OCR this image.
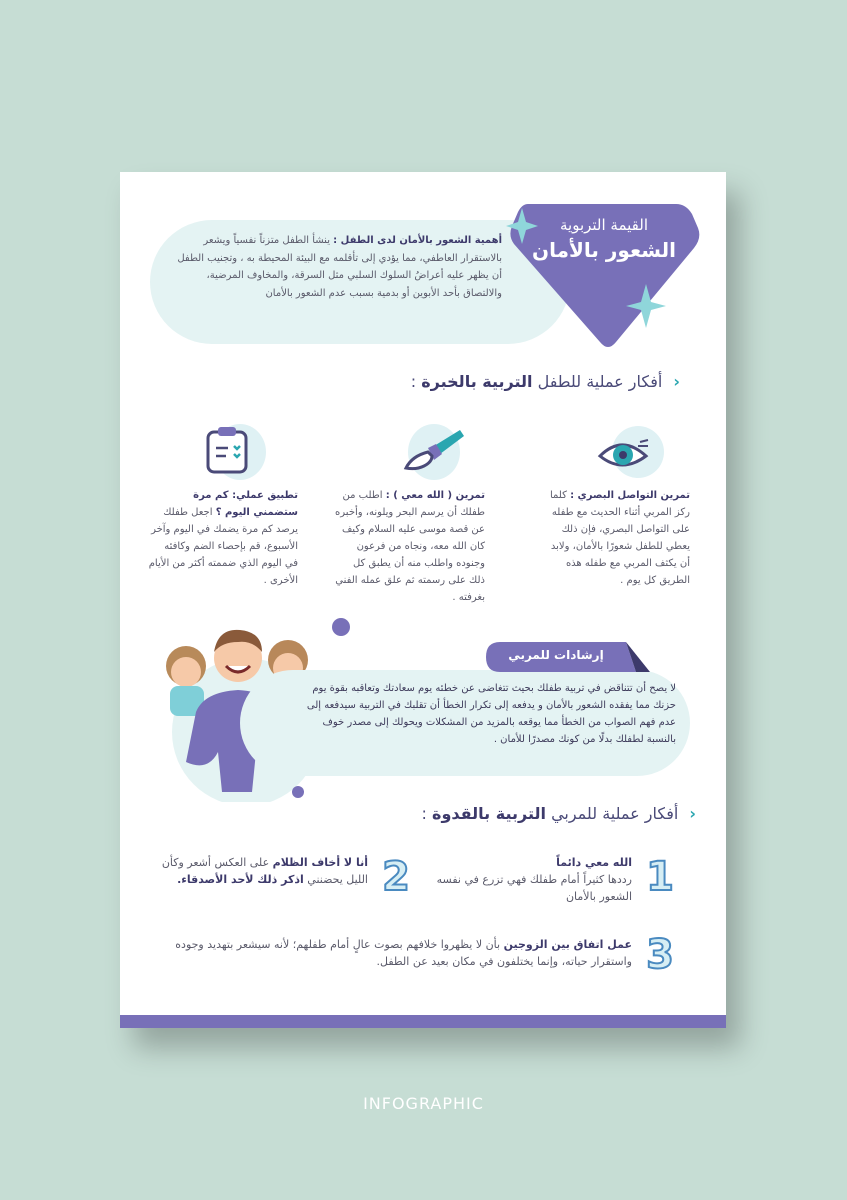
أهمية الشعور بالأمان لدى الطفل : ينشأ الطفل متزناً نفسياً ويشعر بالاستقرار العاطفي، مما يؤدي إلى تأقلمه مع البيئة المحيطة به ، وتجنيب الطفل أن يظهر عليه أعراضُ السلوك السلبي مثل السرقة، والمخاوف المرضية، والالتصاق بأحد الأبوين أو بدمية بسبب عدم الشعور بالأمان
القيمة التربوية
الشعور بالأمان
‹ أفكار عملية للطفل التربية بالخبرة :
تمرين التواصل البصري : كلما ركز المربي أثناء الحديث مع طفله على التواصل البصري، فإن ذلك يعطي للطفل شعورًا بالأمان، ولابد أن يكثف المربي مع طفله هذه الطريق كل يوم .
تمرين ( الله معي ) : اطلب من طفلك أن يرسم البحر ويلونه، وأخبره عن قصة موسى عليه السلام وكيف كان الله معه، ونجاه من فرعون وجنوده واطلب منه أن يطبق كل ذلك على رسمته ثم علق عمله الفني بغرفته .
تطبيق عملي: كم مرة ستضمني اليوم ؟ اجعل طفلك يرصد كم مرة يضمك في اليوم وآخر الأسبوع، قم بإحصاء الضم وكافئه في اليوم الذي ضممته أكثر من الأيام الأخرى .
إرشادات للمربي
لا يصح أن تتناقض في تربية طفلك بحيث تتغاضى عن خطئه يوم سعادتك وتعاقبه بقوة يوم حزنك مما يفقده الشعور بالأمان و يدفعه إلى تكرار الخطأ أن تقلبك في التربية سيدفعه إلى عدم فهم الصواب من الخطأ مما يوقعه بالمزيد من المشكلات ويحولك إلى مصدر خوف بالنسبة لطفلك بدلًا من كونك مصدرًا للأمان .
‹ أفكار عملية للمربي التربية بالقدوة :
1
الله معي دائماً
رددها كثيراً أمام طفلك فهي تزرع في نفسه الشعور بالأمان
2
أنا لا أخاف الظلام على العكس أشعر وكأن الليل يحضنني اذكر ذلك لأحد الأصدقاء.
3
عمل اتفاق بين الزوجين بأن لا يظهروا خلافهم بصوت عالٍ أمام طفلهم؛ لأنه سيشعر بتهديد وجوده واستقرار حياته، وإنما يختلفون في مكان بعيد عن الطفل.
INFOGRAPHIC
